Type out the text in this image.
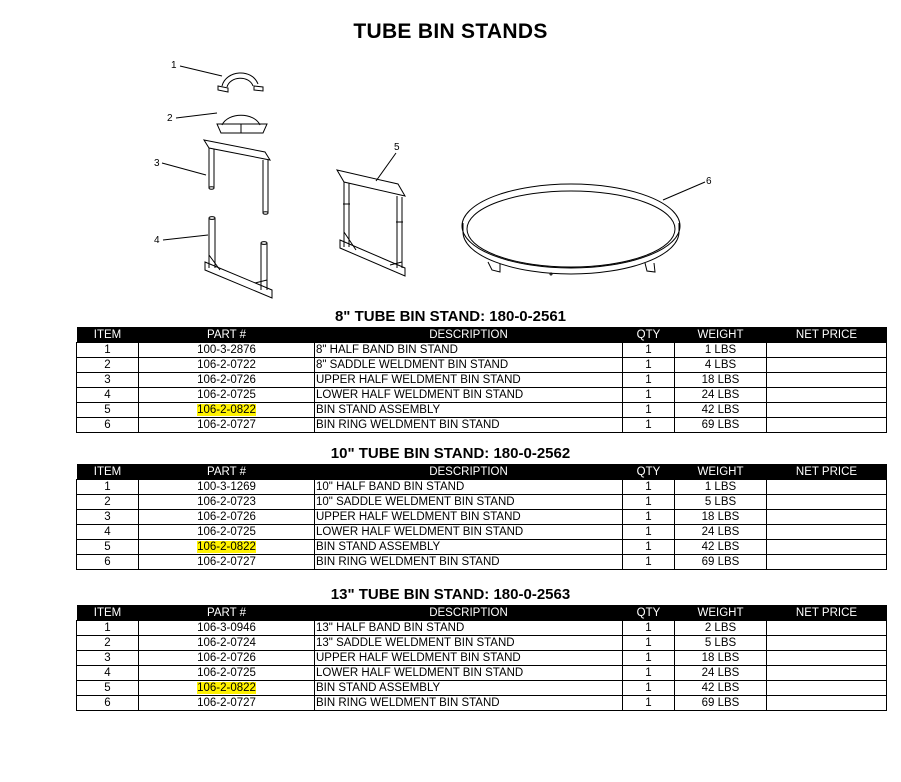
TUBE BIN STANDS
1
2
3
4
5
6
8" TUBE BIN STAND: 180-0-2561
ITEM	PART #	DESCRIPTION	QTY	WEIGHT	NET PRICE
1	100-3-2876	8" HALF BAND BIN STAND	1	1 LBS	
2	106-2-0722	8" SADDLE WELDMENT BIN STAND	1	4 LBS	
3	106-2-0726	UPPER HALF WELDMENT BIN STAND	1	18 LBS	
4	106-2-0725	LOWER HALF WELDMENT BIN STAND	1	24 LBS	
5	106-2-0822	BIN STAND ASSEMBLY	1	42 LBS	
6	106-2-0727	BIN RING WELDMENT BIN STAND	1	69 LBS	
10" TUBE BIN STAND: 180-0-2562
ITEM	PART #	DESCRIPTION	QTY	WEIGHT	NET PRICE
1	100-3-1269	10" HALF BAND BIN STAND	1	1 LBS	
2	106-2-0723	10" SADDLE WELDMENT BIN STAND	1	5 LBS	
3	106-2-0726	UPPER HALF WELDMENT BIN STAND	1	18 LBS	
4	106-2-0725	LOWER HALF WELDMENT BIN STAND	1	24 LBS	
5	106-2-0822	BIN STAND ASSEMBLY	1	42 LBS	
6	106-2-0727	BIN RING WELDMENT BIN STAND	1	69 LBS	
13" TUBE BIN STAND: 180-0-2563
ITEM	PART #	DESCRIPTION	QTY	WEIGHT	NET PRICE
1	106-3-0946	13" HALF BAND BIN STAND	1	2 LBS	
2	106-2-0724	13" SADDLE WELDMENT BIN STAND	1	5 LBS	
3	106-2-0726	UPPER HALF WELDMENT BIN STAND	1	18 LBS	
4	106-2-0725	LOWER HALF WELDMENT BIN STAND	1	24 LBS	
5	106-2-0822	BIN STAND ASSEMBLY	1	42 LBS	
6	106-2-0727	BIN RING WELDMENT BIN STAND	1	69 LBS	
